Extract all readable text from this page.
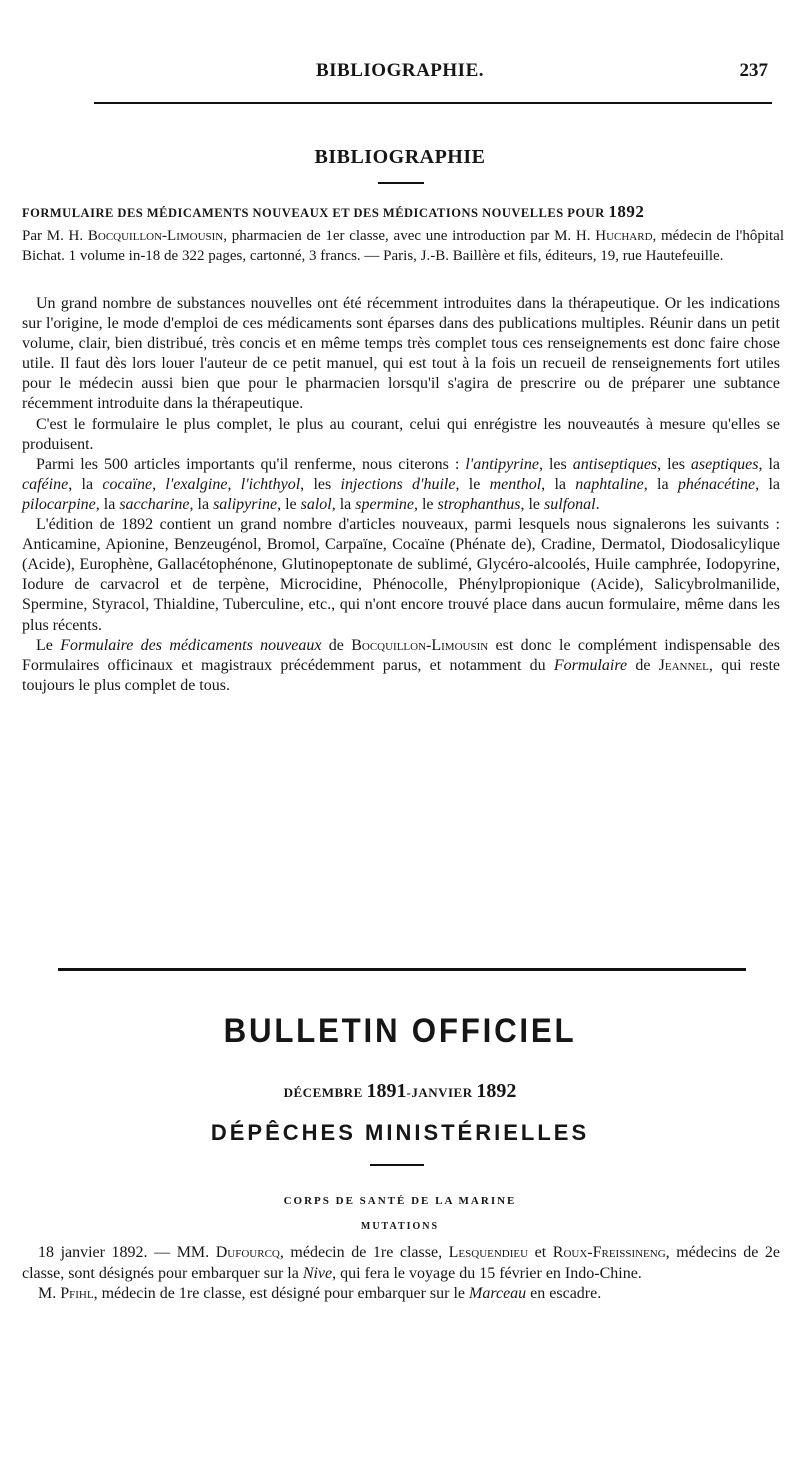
BIBLIOGRAPHIE.	237
BIBLIOGRAPHIE
FORMULAIRE DES MÉDICAMENTS NOUVEAUX ET DES MÉDICATIONS NOUVELLES POUR 1892
Par M. H. Bocquillon-Limousin, pharmacien de 1er classe, avec une introduction par M. H. Huchard, médecin de l'hôpital Bichat. 1 volume in-18 de 322 pages, cartonné, 3 francs. — Paris, J.-B. Baillère et fils, éditeurs, 19, rue Hautefeuille.

Un grand nombre de substances nouvelles ont été récemment introduites dans la thérapeutique. Or les indications sur l'origine, le mode d'emploi de ces médicaments sont éparses dans des publications multiples. Réunir dans un petit volume, clair, bien distribué, très concis et en même temps très complet tous ces renseignements est donc faire chose utile. Il faut dès lors louer l'auteur de ce petit manuel, qui est tout à la fois un recueil de renseignements fort utiles pour le médecin aussi bien que pour le pharmacien lorsqu'il s'agira de prescrire ou de préparer une subtance récemment introduite dans la thérapeutique.

C'est le formulaire le plus complet, le plus au courant, celui qui enrégistre les nouveautés à mesure qu'elles se produisent.

Parmi les 500 articles importants qu'il renferme, nous citerons : l'antipyrine, les antiseptiques, les aseptiques, la caféine, la cocaïne, l'exalgine, l'ichthyol, les injections d'huile, le menthol, la naphtaline, la phénacétine, la pilocarpine, la saccharine, la salipyrine, le salol, la spermine, le strophanthus, le sulfonal.

L'édition de 1892 contient un grand nombre d'articles nouveaux, parmi lesquels nous signalerons les suivants : Anticamine, Apionine, Benzeugénol, Bromol, Carpaïne, Cocaïne (Phénate de), Cradine, Dermatol, Diodosalicylique (Acide), Europhène, Gallacétophénone, Glutinopeptonate de sublimé, Glycéro-alcoolés, Huile camphrée, Iodopyrine, Iodure de carvacrol et de terpène, Microcidine, Phénocolle, Phénylpropionique (Acide), Salicybrolmanilide, Spermine, Styracol, Thialdine, Tuberculine, etc., qui n'ont encore trouvé place dans aucun formulaire, même dans les plus récents.

Le Formulaire des médicaments nouveaux de Bocquillon-Limousin est donc le complément indispensable des Formulaires officinaux et magistraux précédemment parus, et notamment du Formulaire de Jeannel, qui reste toujours le plus complet de tous.

BULLETIN OFFICIEL
DÉCEMBRE 1891-JANVIER 1892
DÉPÊCHES MINISTÉRIELLES
CORPS DE SANTÉ DE LA MARINE
MUTATIONS

18 janvier 1892. — MM. Dufourcq, médecin de 1re classe, Lesquendieu et Roux-Freissineng, médecins de 2e classe, sont désignés pour embarquer sur la Nive, qui fera le voyage du 15 février en Indo-Chine.

M. Pfihl, médecin de 1re classe, est désigné pour embarquer sur le Marceau en escadre.
